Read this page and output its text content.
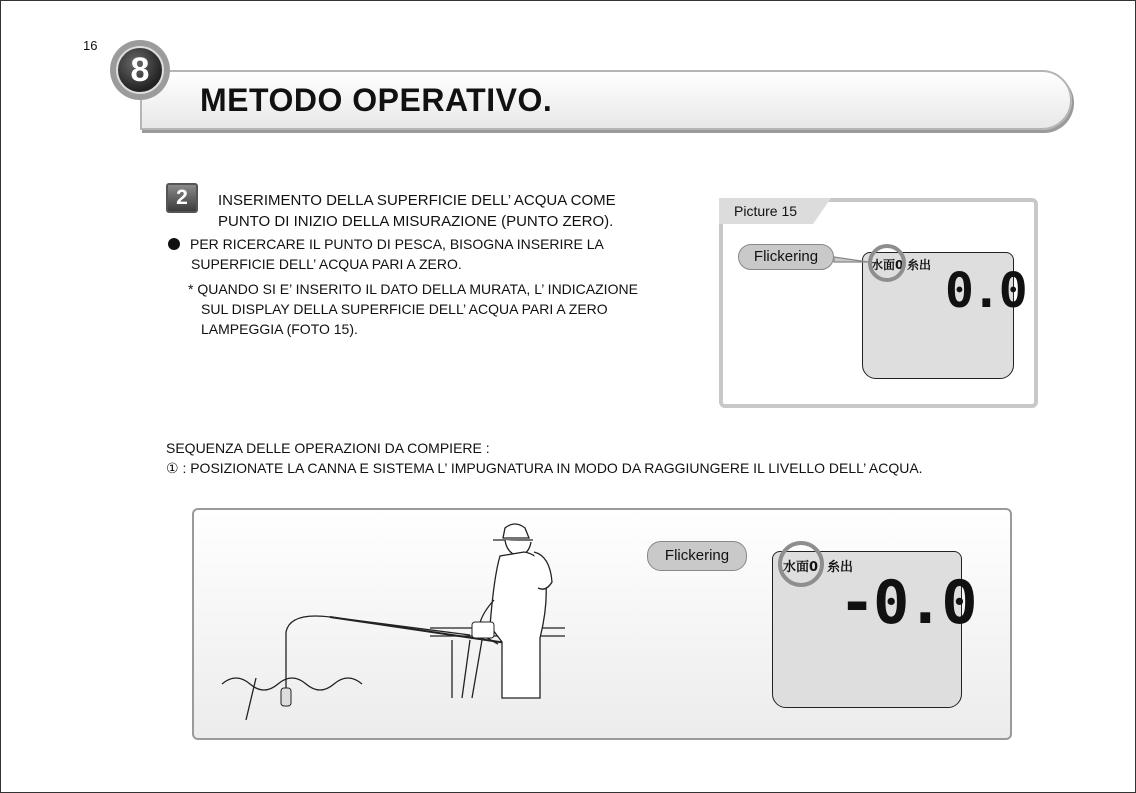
16
8
METODO OPERATIVO.
2	INSERIMENTO DELLA SUPERFICIE DELL’ ACQUA COME
PUNTO DI INIZIO DELLA MISURAZIONE (PUNTO ZERO).
PER RICERCARE IL PUNTO DI PESCA, BISOGNA INSERIRE LA
SUPERFICIE DELL’ ACQUA PARI A ZERO.
* QUANDO SI E’ INSERITO IL DATO DELLA MURATA, L’ INDICAZIONE
SUL DISPLAY DELLA SUPERFICIE DELL’ ACQUA PARI A ZERO
LAMPEGGIA (FOTO 15).
Picture 15
水面0 糸出 0.0
Flickering
SEQUENZA DELLE OPERAZIONI DA COMPIERE :
① : POSIZIONATE LA CANNA E SISTEMA L’ IMPUGNATURA IN MODO DA RAGGIUNGERE IL LIVELLO DELL’ ACQUA.
水面0 糸出
-0.0
Flickering
